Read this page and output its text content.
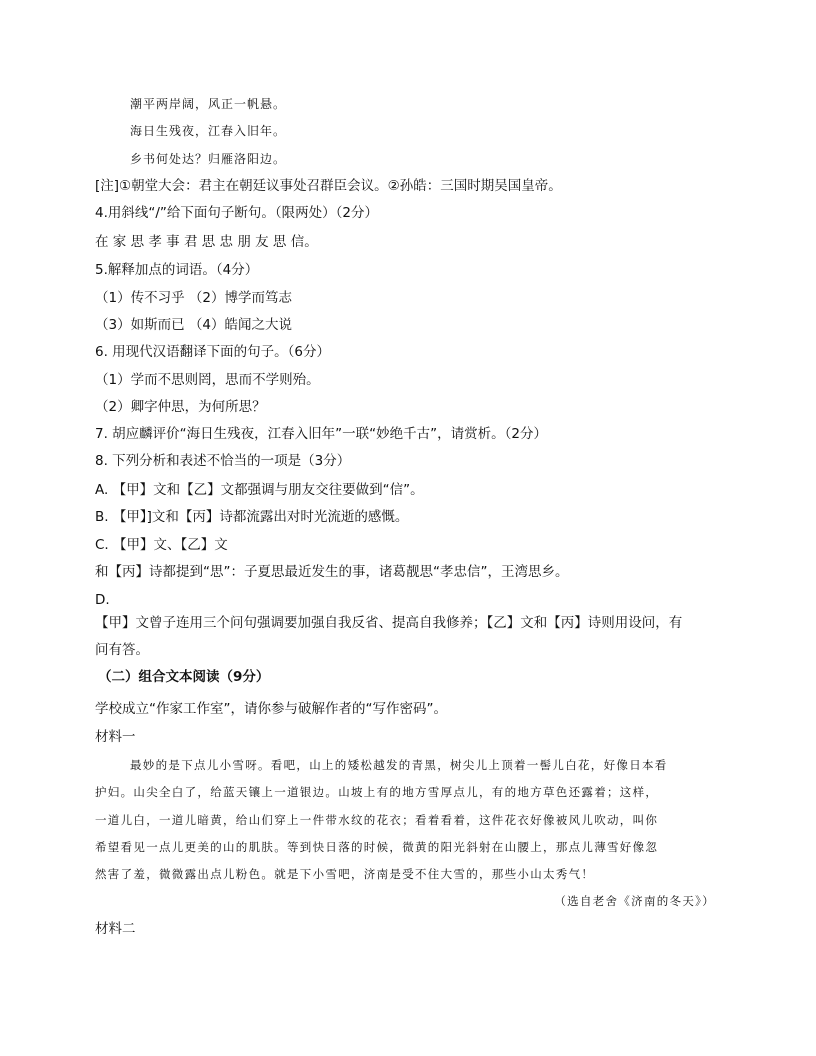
潮平两岸阔，风正一帆悬。
海日生残夜，江春入旧年。
乡书何处达？归雁洛阳边。
[注]①朝堂大会：君主在朝廷议事处召群臣会议。②孙皓：三国时期吴国皇帝。
4.用斜线“/”给下面句子断句。（限两处）（2分）
在 家 思 孝 事 君 思 忠 朋 友 思 信。
5.解释加点的词语。（4分）
（1）传不习乎 （2）博学而笃志
（3）如斯而已 （4）皓闻之大说
6. 用现代汉语翻译下面的句子。（6分）
（1）学而不思则罔，思而不学则殆。
（2）卿字仲思，为何所思？
7. 胡应麟评价“海日生残夜，江春入旧年”一联“妙绝千古”，请赏析。（2分）
8. 下列分析和表述不恰当的一项是（3分）
A. 【甲】文和【乙】文都强调与朋友交往要做到“信”。
B. 【甲】]文和【丙】诗都流露出对时光流逝的感慨。
C. 【甲】文、【乙】文
和【丙】诗都提到“思”：子夏思最近发生的事，诸葛靓思“孝忠信”，王湾思乡。
D.
【甲】文曾子连用三个问句强调要加强自我反省、提高自我修养；【乙】文和【丙】诗则用设问，有
问有答。
（二）组合文本阅读（9分）
学校成立“作家工作室”，请你参与破解作者的“写作密码”。
材料一
最妙的是下点儿小雪呀。看吧，山上的矮松越发的青黑，树尖儿上顶着一髻儿白花，好像日本看
护妇。山尖全白了，给蓝天镶上一道银边。山坡上有的地方雪厚点儿，有的地方草色还露着；这样，
一道儿白，一道儿暗黄，给山们穿上一件带水纹的花衣；看着看着，这件花衣好像被风儿吹动，叫你
希望看见一点儿更美的山的肌肤。等到快日落的时候，微黄的阳光斜射在山腰上，那点儿薄雪好像忽
然害了羞，微微露出点儿粉色。就是下小雪吧，济南是受不住大雪的，那些小山太秀气！
（选自老舍《济南的冬天》）
材料二
